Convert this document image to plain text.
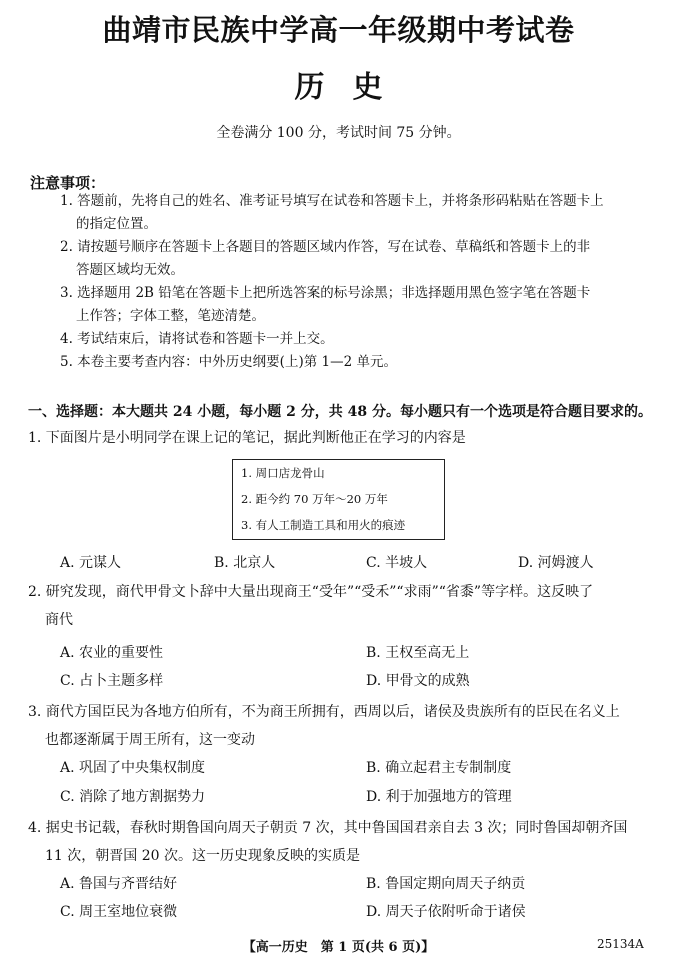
曲靖市民族中学高一年级期中考试卷
历史
全卷满分 100 分，考试时间 75 分钟。
注意事项：
1. 答题前，先将自己的姓名、准考证号填写在试卷和答题卡上，并将条形码粘贴在答题卡上
的指定位置。
2. 请按题号顺序在答题卡上各题目的答题区域内作答，写在试卷、草稿纸和答题卡上的非
答题区域均无效。
3. 选择题用 2B 铅笔在答题卡上把所选答案的标号涂黑；非选择题用黑色签字笔在答题卡
上作答；字体工整，笔迹清楚。
4. 考试结束后，请将试卷和答题卡一并上交。
5. 本卷主要考查内容：中外历史纲要(上)第 1—2 单元。
一、选择题：本大题共 24 小题，每小题 2 分，共 48 分。每小题只有一个选项是符合题目要求的。
1. 下面图片是小明同学在课上记的笔记，据此判断他正在学习的内容是
1. 周口店龙骨山
2. 距今约 70 万年～20 万年
3. 有人工制造工具和用火的痕迹
A. 元谋人	B. 北京人	C. 半坡人	D. 河姆渡人
2. 研究发现，商代甲骨文卜辞中大量出现商王“受年”“受禾”“求雨”“省黍”等字样。这反映了
商代
A. 农业的重要性	B. 王权至高无上
C. 占卜主题多样	D. 甲骨文的成熟
3. 商代方国臣民为各地方伯所有，不为商王所拥有，西周以后，诸侯及贵族所有的臣民在名义上
也都逐渐属于周王所有，这一变动
A. 巩固了中央集权制度	B. 确立起君主专制制度
C. 消除了地方割据势力	D. 利于加强地方的管理
4. 据史书记载，春秋时期鲁国向周天子朝贡 7 次，其中鲁国国君亲自去 3 次；同时鲁国却朝齐国
11 次，朝晋国 20 次。这一历史现象反映的实质是
A. 鲁国与齐晋结好	B. 鲁国定期向周天子纳贡
C. 周王室地位衰微	D. 周天子依附听命于诸侯
【高一历史　第 1 页(共 6 页)】	25134A
